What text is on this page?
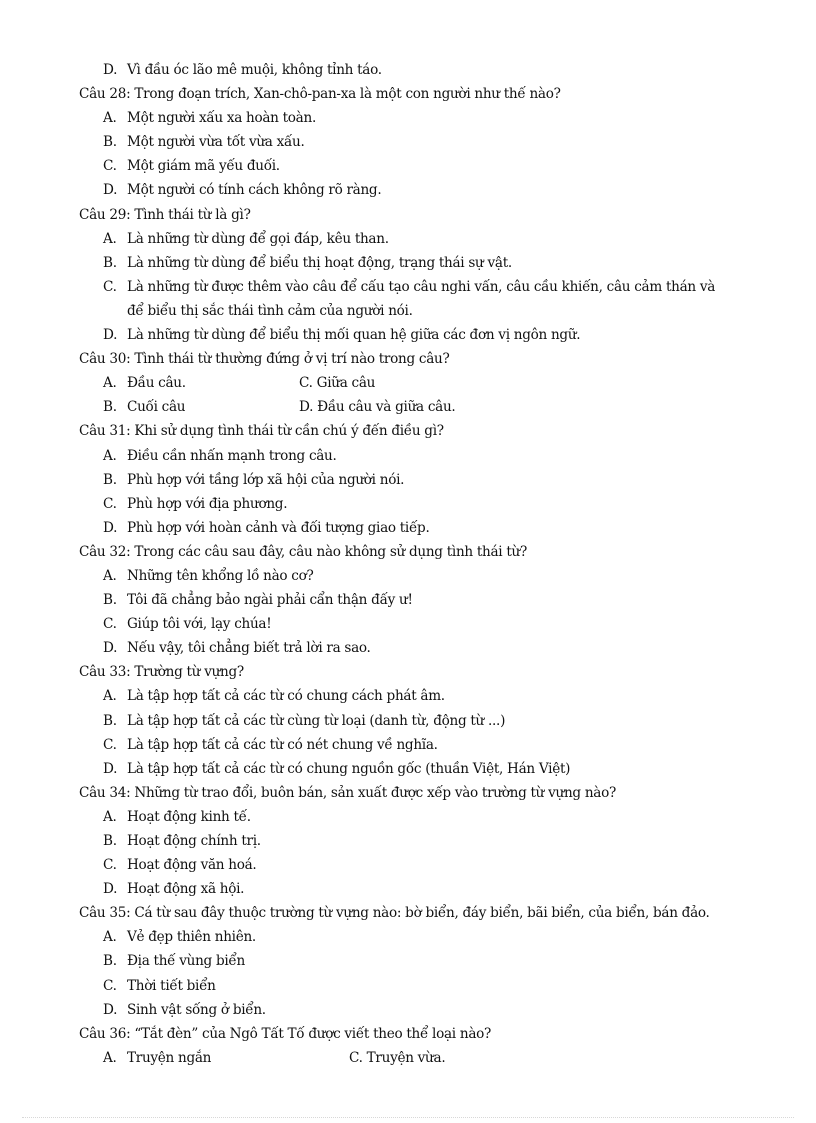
D. Vì đầu óc lão mê muội, không tỉnh táo.
Câu 28: Trong đoạn trích, Xan-chô-pan-xa là một con người như thế nào?
A. Một người xấu xa hoàn toàn.
B. Một người vừa tốt vừa xấu.
C. Một giám mã yếu đuối.
D. Một người có tính cách không rõ ràng.
Câu 29: Tình thái từ là gì?
A. Là những từ dùng để gọi đáp, kêu than.
B. Là những từ dùng để biểu thị hoạt động, trạng thái sự vật.
C. Là những từ được thêm vào câu để cấu tạo câu nghi vấn, câu cầu khiến, câu cảm thán và
để biểu thị sắc thái tình cảm của người nói.
D. Là những từ dùng để biểu thị mối quan hệ giữa các đơn vị ngôn ngữ.
Câu 30: Tình thái từ thường đứng ở vị trí nào trong câu?
A. Đầu câu.	C. Giữa câu
B. Cuối câu	D. Đầu câu và giữa câu.
Câu 31: Khi sử dụng tình thái từ cần chú ý đến điều gì?
A. Điều cần nhấn mạnh trong câu.
B. Phù hợp với tầng lớp xã hội của người nói.
C. Phù hợp với địa phương.
D. Phù hợp với hoàn cảnh và đối tượng giao tiếp.
Câu 32: Trong các câu sau đây, câu nào không sử dụng tình thái từ?
A. Những tên khổng lồ nào cơ?
B. Tôi đã chẳng bảo ngài phải cẩn thận đấy ư!
C. Giúp tôi với, lạy chúa!
D. Nếu vậy, tôi chẳng biết trả lời ra sao.
Câu 33: Trường từ vựng?
A. Là tập hợp tất cả các từ có chung cách phát âm.
B. Là tập hợp tất cả các từ cùng từ loại (danh từ, động từ ...)
C. Là tập hợp tất cả các từ có nét chung về nghĩa.
D. Là tập hợp tất cả các từ có chung nguồn gốc (thuần Việt, Hán Việt)
Câu 34: Những từ trao đổi, buôn bán, sản xuất được xếp vào trường từ vựng nào?
A. Hoạt động kinh tế.
B. Hoạt động chính trị.
C. Hoạt động văn hoá.
D. Hoạt động xã hội.
Câu 35: Cá từ sau đây thuộc trường từ vựng nào: bờ biển, đáy biển, bãi biển, của biển, bán đảo.
A. Vẻ đẹp thiên nhiên.
B. Địa thế vùng biển
C. Thời tiết biển
D. Sinh vật sống ở biển.
Câu 36: “Tắt đèn” của Ngô Tất Tố được viết theo thể loại nào?
A. Truyện ngắn	C. Truyện vừa.
